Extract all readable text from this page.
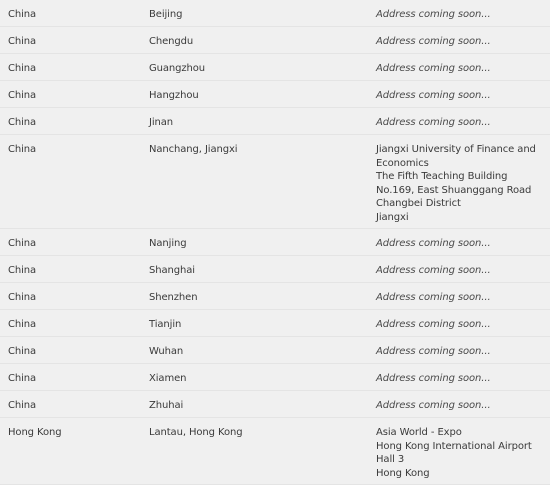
China	Beijing	Address coming soon...
China	Chengdu	Address coming soon...
China	Guangzhou	Address coming soon...
China	Hangzhou	Address coming soon...
China	Jinan	Address coming soon...
China	Nanchang, Jiangxi	Jiangxi University of Finance and
Economics
The Fifth Teaching Building
No.169, East Shuanggang Road
Changbei District
Jiangxi
China	Nanjing	Address coming soon...
China	Shanghai	Address coming soon...
China	Shenzhen	Address coming soon...
China	Tianjin	Address coming soon...
China	Wuhan	Address coming soon...
China	Xiamen	Address coming soon...
China	Zhuhai	Address coming soon...
Hong Kong	Lantau, Hong Kong	Asia World - Expo
Hong Kong International Airport
Hall 3
Hong Kong
